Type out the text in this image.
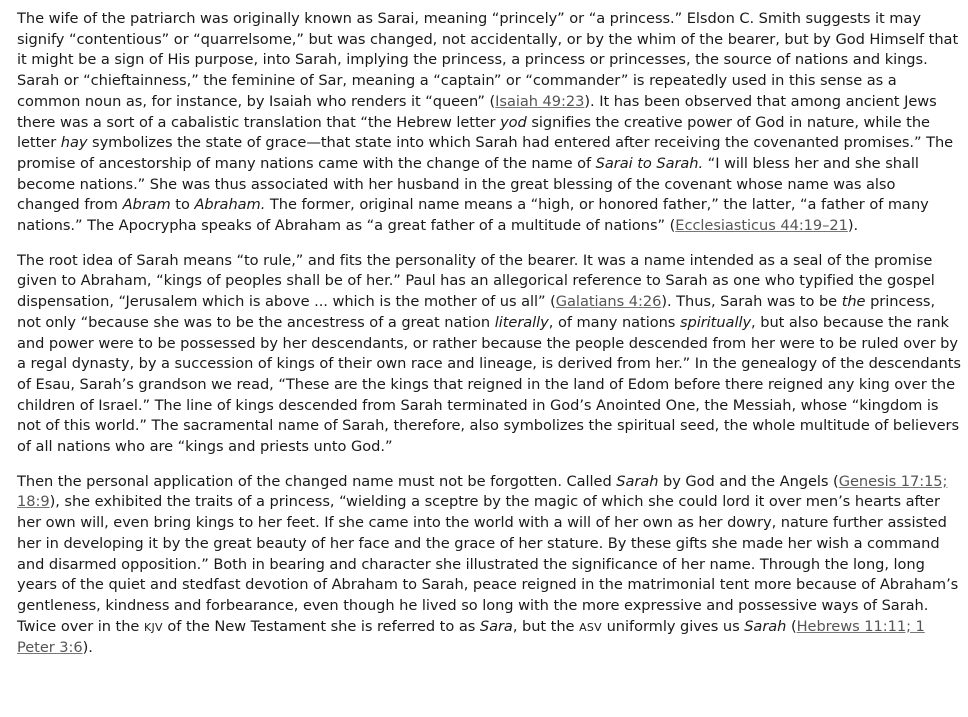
The wife of the patriarch was originally known as Sarai, meaning “princely” or “a princess.” Elsdon C. Smith suggests it may signify “contentious” or “quarrelsome,” but was changed, not accidentally, or by the whim of the bearer, but by God Himself that it might be a sign of His purpose, into Sarah, implying the princess, a princess or princesses, the source of nations and kings. Sarah or “chieftainness,” the feminine of Sar, meaning a “captain” or “commander” is repeatedly used in this sense as a common noun as, for instance, by Isaiah who renders it “queen” (Isaiah 49:23). It has been observed that among ancient Jews there was a sort of a cabalistic translation that “the Hebrew letter yod signifies the creative power of God in nature, while the letter hay symbolizes the state of grace—that state into which Sarah had entered after receiving the covenanted promises.” The promise of ancestorship of many nations came with the change of the name of Sarai to Sarah. “I will bless her and she shall become nations.” She was thus associated with her husband in the great blessing of the covenant whose name was also changed from Abram to Abraham. The former, original name means a “high, or honored father,” the latter, “a father of many nations.” The Apocrypha speaks of Abraham as “a great father of a multitude of nations” (Ecclesiasticus 44:19–21).

The root idea of Sarah means “to rule,” and fits the personality of the bearer. It was a name intended as a seal of the promise given to Abraham, “kings of peoples shall be of her.” Paul has an allegorical reference to Sarah as one who typified the gospel dispensation, “Jerusalem which is above ... which is the mother of us all” (Galatians 4:26). Thus, Sarah was to be the princess, not only “because she was to be the ancestress of a great nation literally, of many nations spiritually, but also because the rank and power were to be possessed by her descendants, or rather because the people descended from her were to be ruled over by a regal dynasty, by a succession of kings of their own race and lineage, is derived from her.” In the genealogy of the descendants of Esau, Sarah’s grandson we read, “These are the kings that reigned in the land of Edom before there reigned any king over the children of Israel.” The line of kings descended from Sarah terminated in God’s Anointed One, the Messiah, whose “kingdom is not of this world.” The sacramental name of Sarah, therefore, also symbolizes the spiritual seed, the whole multitude of believers of all nations who are “kings and priests unto God.”

Then the personal application of the changed name must not be forgotten. Called Sarah by God and the Angels (Genesis 17:15; 18:9), she exhibited the traits of a princess, “wielding a sceptre by the magic of which she could lord it over men’s hearts after her own will, even bring kings to her feet. If she came into the world with a will of her own as her dowry, nature further assisted her in developing it by the great beauty of her face and the grace of her stature. By these gifts she made her wish a command and disarmed opposition.” Both in bearing and character she illustrated the significance of her name. Through the long, long years of the quiet and stedfast devotion of Abraham to Sarah, peace reigned in the matrimonial tent more because of Abraham’s gentleness, kindness and forbearance, even though he lived so long with the more expressive and possessive ways of Sarah. Twice over in the KJV of the New Testament she is referred to as Sara, but the ASV uniformly gives us Sarah (Hebrews 11:11; 1 Peter 3:6).
